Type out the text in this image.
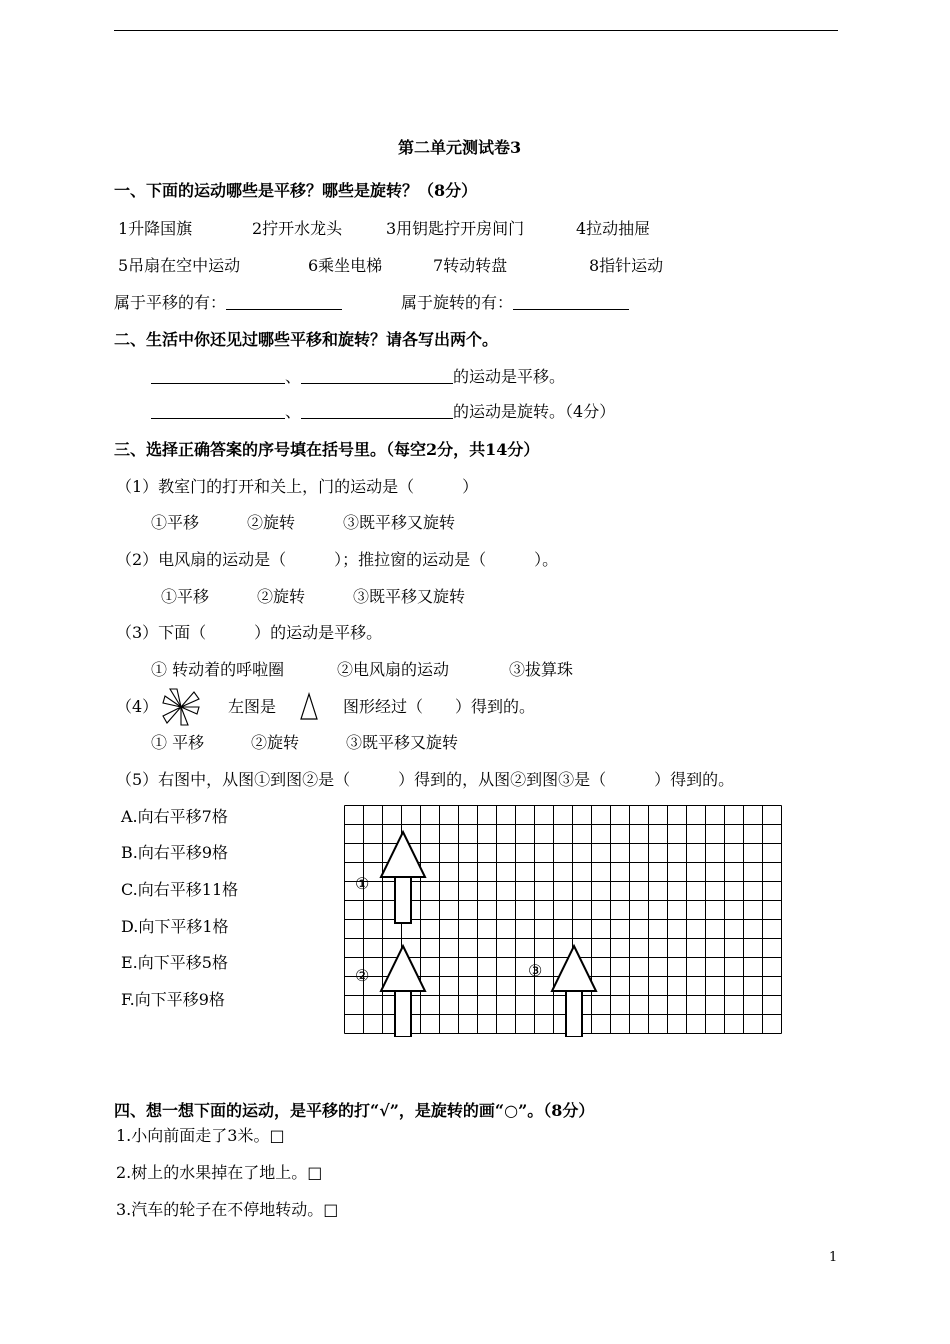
第二单元测试卷3
一、下面的运动哪些是平移？哪些是旋转？（8分）
1升降国旗	2拧开水龙头	3用钥匙拧开房间门	4拉动抽屉
5吊扇在空中运动	6乘坐电梯	7转动转盘	8指针运动
属于平移的有：	属于旋转的有：
二、生活中你还见过哪些平移和旋转？请各写出两个。
、	的运动是平移。
、	的运动是旋转。（4分）
三、选择正确答案的序号填在括号里。（每空2分，共14分）
（1）教室门的打开和关上，门的运动是（　　　）
①平移	②旋转	③既平移又旋转
（2）电风扇的运动是（　　　）；推拉窗的运动是（　　　）。
①平移	②旋转	③既平移又旋转
（3）下面（　　　）的运动是平移。
① 转动着的呼啦圈	②电风扇的运动	③拔算珠
（4）	左图是	图形经过（　　）得到的。
① 平移	②旋转	③既平移又旋转
（5）右图中，从图①到图②是（　　　）得到的，从图②到图③是（　　　）得到的。
A.向右平移7格
B.向右平移9格
C.向右平移11格
D.向下平移1格
E.向下平移5格
F.向下平移9格
①
②	③
四、想一想下面的运动，是平移的打“√”，是旋转的画“○”。（8分）
1.小向前面走了3米。□
2.树上的水果掉在了地上。□
3.汽车的轮子在不停地转动。□
1
